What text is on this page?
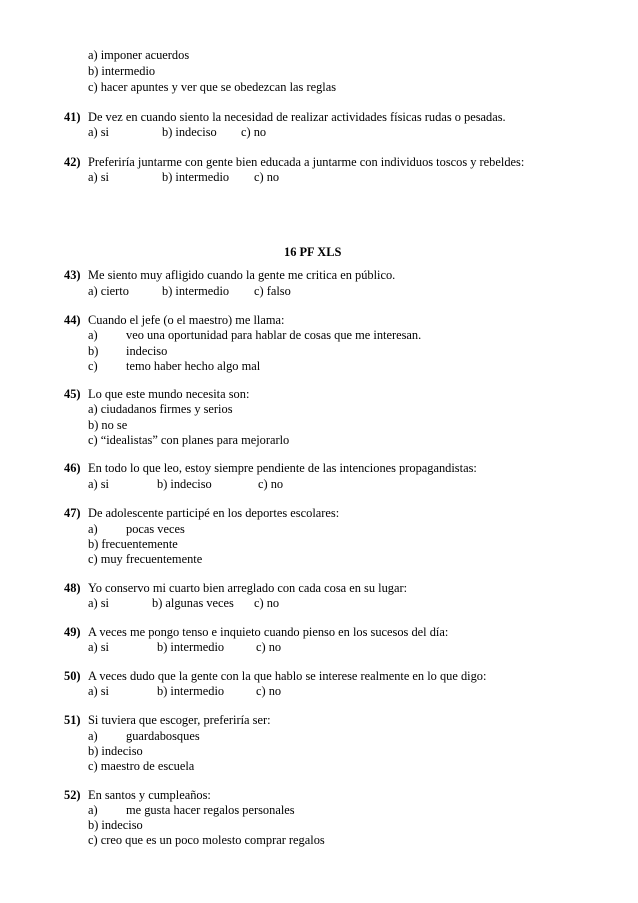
a) imponer acuerdos
b) intermedio
c) hacer apuntes y ver que se obedezcan las reglas
41) De vez en cuando siento la necesidad de realizar actividades físicas rudas o pesadas.
a) si	b) indeciso c) no
42) Preferiría juntarme con gente bien educada a juntarme con individuos toscos y rebeldes:
a) si	b) intermedio c) no
16 PF XLS
43) Me siento muy afligido cuando la gente me critica en público.
a) cierto	b) intermedio c) falso
44) Cuando el jefe (o el maestro) me llama:
a) veo una oportunidad para hablar de cosas que me interesan.
b) indeciso
c) temo haber hecho algo mal
45) Lo que este mundo necesita son:
a) ciudadanos firmes y serios
b) no se
c) “idealistas” con planes para mejorarlo
46) En todo lo que leo, estoy siempre pendiente de las intenciones propagandistas:
a) si	b) indeciso	c) no
47) De adolescente participé en los deportes escolares:
a) pocas veces
b) frecuentemente
c) muy frecuentemente
48) Yo conservo mi cuarto bien arreglado con cada cosa en su lugar:
a) si	b) algunas veces c) no
49) A veces me pongo tenso e inquieto cuando pienso en los sucesos del día:
a) si	b) intermedio	c) no
50) A veces dudo que la gente con la que hablo se interese realmente en lo que digo:
a) si	b) intermedio	c) no
51) Si tuviera que escoger, preferiría ser:
a) guardabosques
b) indeciso
c) maestro de escuela
52) En santos y cumpleaños:
a) me gusta hacer regalos personales
b) indeciso
c) creo que es un poco molesto comprar regalos
